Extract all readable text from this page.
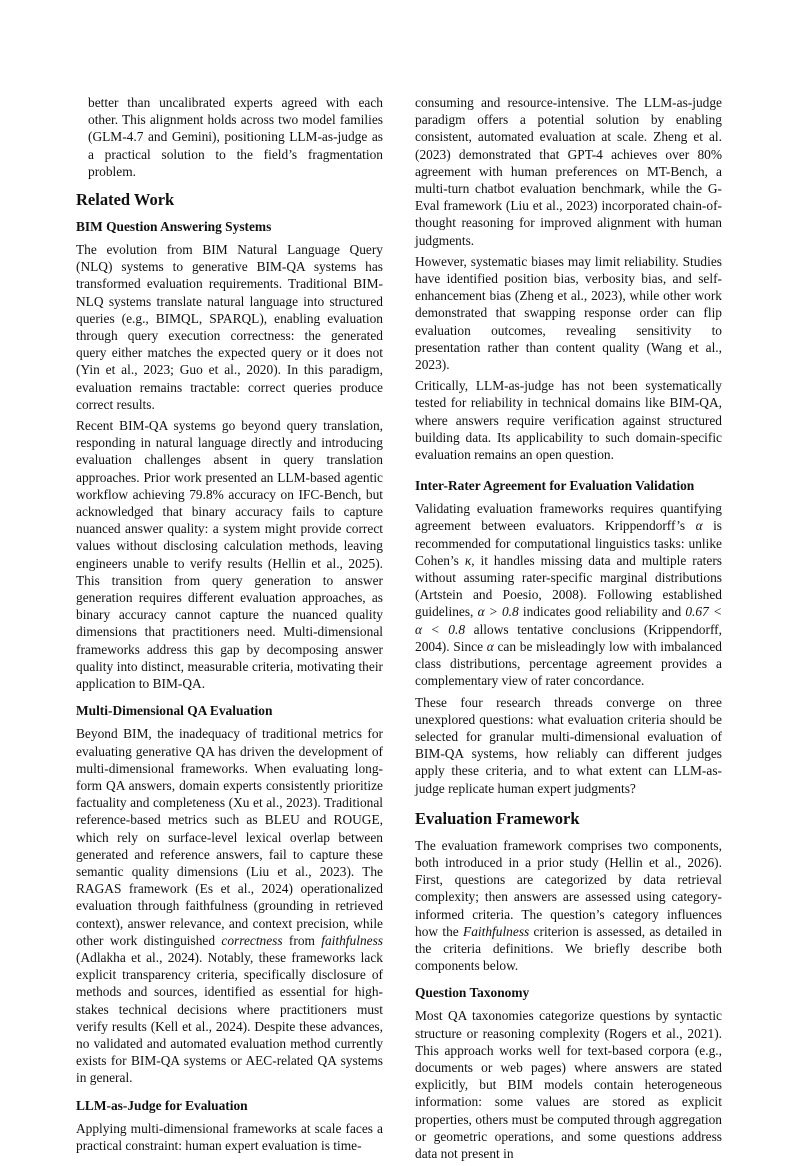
better than uncalibrated experts agreed with each other. This alignment holds across two model families (GLM-4.7 and Gemini), positioning LLM-as-judge as a practical solution to the field’s fragmentation problem.

Related Work
BIM Question Answering Systems

The evolution from BIM Natural Language Query (NLQ) systems to generative BIM-QA systems has transformed evaluation requirements. Traditional BIM-NLQ systems translate natural language into structured queries (e.g., BIMQL, SPARQL), enabling evaluation through query execution correctness: the generated query either matches the expected query or it does not (Yin et al., 2023; Guo et al., 2020). In this paradigm, evaluation remains tractable: correct queries produce correct results.

Recent BIM-QA systems go beyond query translation, responding in natural language directly and introducing evaluation challenges absent in query translation approaches. Prior work presented an LLM-based agentic workflow achieving 79.8% accuracy on IFC-Bench, but acknowledged that binary accuracy fails to capture nuanced answer quality: a system might provide correct values without disclosing calculation methods, leaving engineers unable to verify results (Hellin et al., 2025). This transition from query generation to answer generation requires different evaluation approaches, as binary accuracy cannot capture the nuanced quality dimensions that practitioners need. Multi-dimensional frameworks address this gap by decomposing answer quality into distinct, measurable criteria, motivating their application to BIM-QA.

Multi-Dimensional QA Evaluation

Beyond BIM, the inadequacy of traditional metrics for evaluating generative QA has driven the development of multi-dimensional frameworks. When evaluating long-form QA answers, domain experts consistently prioritize factuality and completeness (Xu et al., 2023). Traditional reference-based metrics such as BLEU and ROUGE, which rely on surface-level lexical overlap between generated and reference answers, fail to capture these semantic quality dimensions (Liu et al., 2023). The RAGAS framework (Es et al., 2024) operationalized evaluation through faithfulness (grounding in retrieved context), answer relevance, and context precision, while other work distinguished correctness from faithfulness (Adlakha et al., 2024). Notably, these frameworks lack explicit transparency criteria, specifically disclosure of methods and sources, identified as essential for high-stakes technical decisions where practitioners must verify results (Kell et al., 2024). Despite these advances, no validated and automated evaluation method currently exists for BIM-QA systems or AEC-related QA systems in general.

LLM-as-Judge for Evaluation

Applying multi-dimensional frameworks at scale faces a practical constraint: human expert evaluation is time-

consuming and resource-intensive. The LLM-as-judge paradigm offers a potential solution by enabling consistent, automated evaluation at scale. Zheng et al. (2023) demonstrated that GPT-4 achieves over 80% agreement with human preferences on MT-Bench, a multi-turn chatbot evaluation benchmark, while the G-Eval framework (Liu et al., 2023) incorporated chain-of-thought reasoning for improved alignment with human judgments.

However, systematic biases may limit reliability. Studies have identified position bias, verbosity bias, and self-enhancement bias (Zheng et al., 2023), while other work demonstrated that swapping response order can flip evaluation outcomes, revealing sensitivity to presentation rather than content quality (Wang et al., 2023).

Critically, LLM-as-judge has not been systematically tested for reliability in technical domains like BIM-QA, where answers require verification against structured building data. Its applicability to such domain-specific evaluation remains an open question.

Inter-Rater Agreement for Evaluation Validation

Validating evaluation frameworks requires quantifying agreement between evaluators. Krippendorff’s α is recommended for computational linguistics tasks: unlike Cohen’s κ, it handles missing data and multiple raters without assuming rater-specific marginal distributions (Artstein and Poesio, 2008). Following established guidelines, α > 0.8 indicates good reliability and 0.67 < α < 0.8 allows tentative conclusions (Krippendorff, 2004). Since α can be misleadingly low with imbalanced class distributions, percentage agreement provides a complementary view of rater concordance.

These four research threads converge on three unexplored questions: what evaluation criteria should be selected for granular multi-dimensional evaluation of BIM-QA systems, how reliably can different judges apply these criteria, and to what extent can LLM-as-judge replicate human expert judgments?

Evaluation Framework

The evaluation framework comprises two components, both introduced in a prior study (Hellin et al., 2026). First, questions are categorized by data retrieval complexity; then answers are assessed using category-informed criteria. The question’s category influences how the Faithfulness criterion is assessed, as detailed in the criteria definitions. We briefly describe both components below.

Question Taxonomy

Most QA taxonomies categorize questions by syntactic structure or reasoning complexity (Rogers et al., 2021). This approach works well for text-based corpora (e.g., documents or web pages) where answers are stated explicitly, but BIM models contain heterogeneous information: some values are stored as explicit properties, others must be computed through aggregation or geometric operations, and some questions address data not present in
